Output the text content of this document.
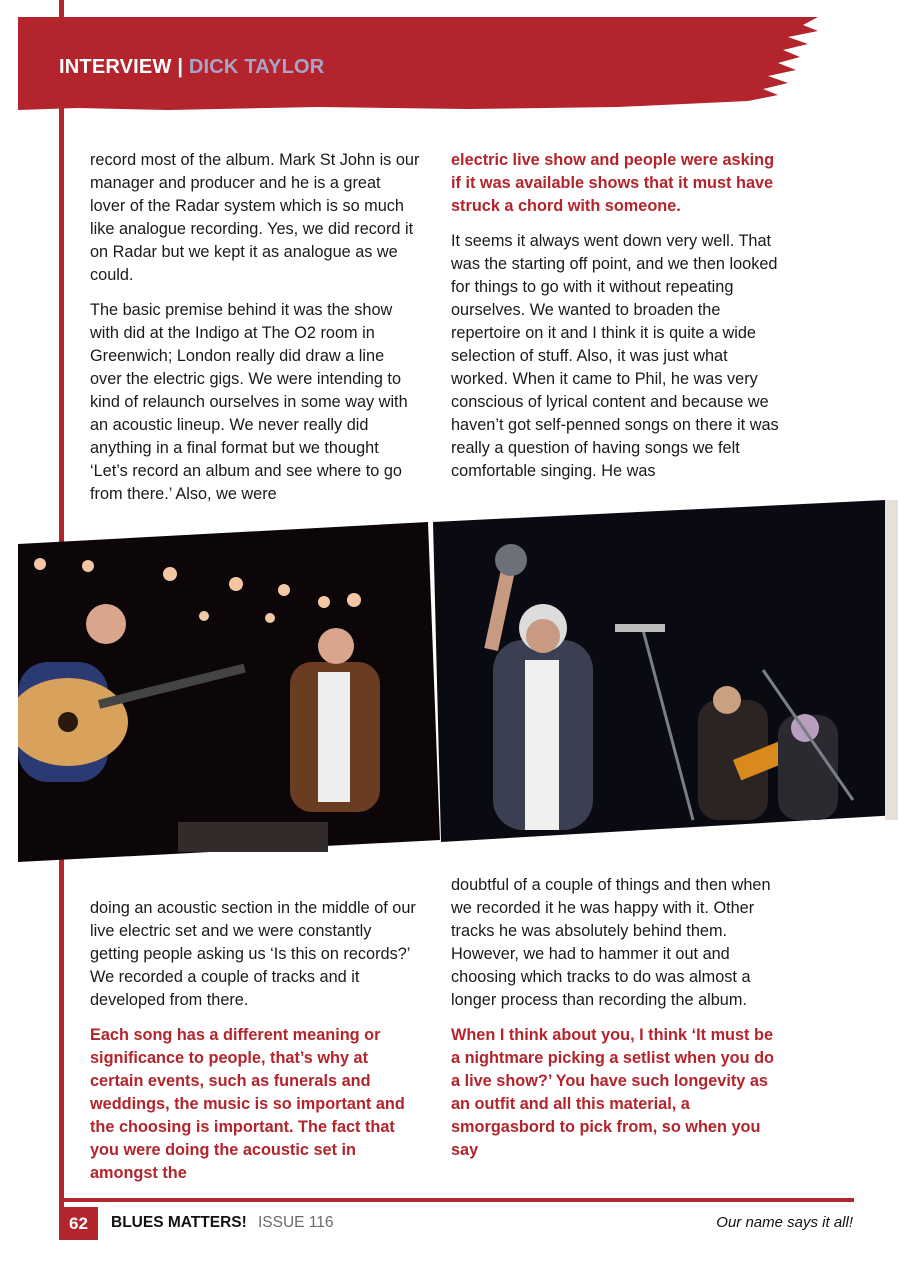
INTERVIEW | DICK TAYLOR

record most of the album. Mark St John is our manager and producer and he is a great lover of the Radar system which is so much like analogue recording. Yes, we did record it on Radar but we kept it as analogue as we could.

The basic premise behind it was the show with did at the Indigo at The O2 room in Greenwich; London really did draw a line over the electric gigs. We were intending to kind of relaunch ourselves in some way with an acoustic lineup. We never really did anything in a final format but we thought ‘Let’s record an album and see where to go from there.’ Also, we were

electric live show and people were asking if it was available shows that it must have struck a chord with someone.

It seems it always went down very well. That was the starting off point, and we then looked for things to go with it without repeating ourselves. We wanted to broaden the repertoire on it and I think it is quite a wide selection of stuff. Also, it was just what worked. When it came to Phil, he was very conscious of lyrical content and because we haven’t got self-penned songs on there it was really a question of having songs we felt comfortable singing. He was

doing an acoustic section in the middle of our live electric set and we were constantly getting people asking us ‘Is this on records?’ We recorded a couple of tracks and it developed from there.

Each song has a different meaning or significance to people, that’s why at certain events, such as funerals and weddings, the music is so important and the choosing is important. The fact that you were doing the acoustic set in amongst the

doubtful of a couple of things and then when we recorded it he was happy with it. Other tracks he was absolutely behind them. However, we had to hammer it out and choosing which tracks to do was almost a longer process than recording the album.

When I think about you, I think ‘It must be a nightmare picking a setlist when you do a live show?’ You have such longevity as an outfit and all this material, a smorgasbord to pick from, so when you say

62	BLUES MATTERS! ISSUE 116	Our name says it all!
